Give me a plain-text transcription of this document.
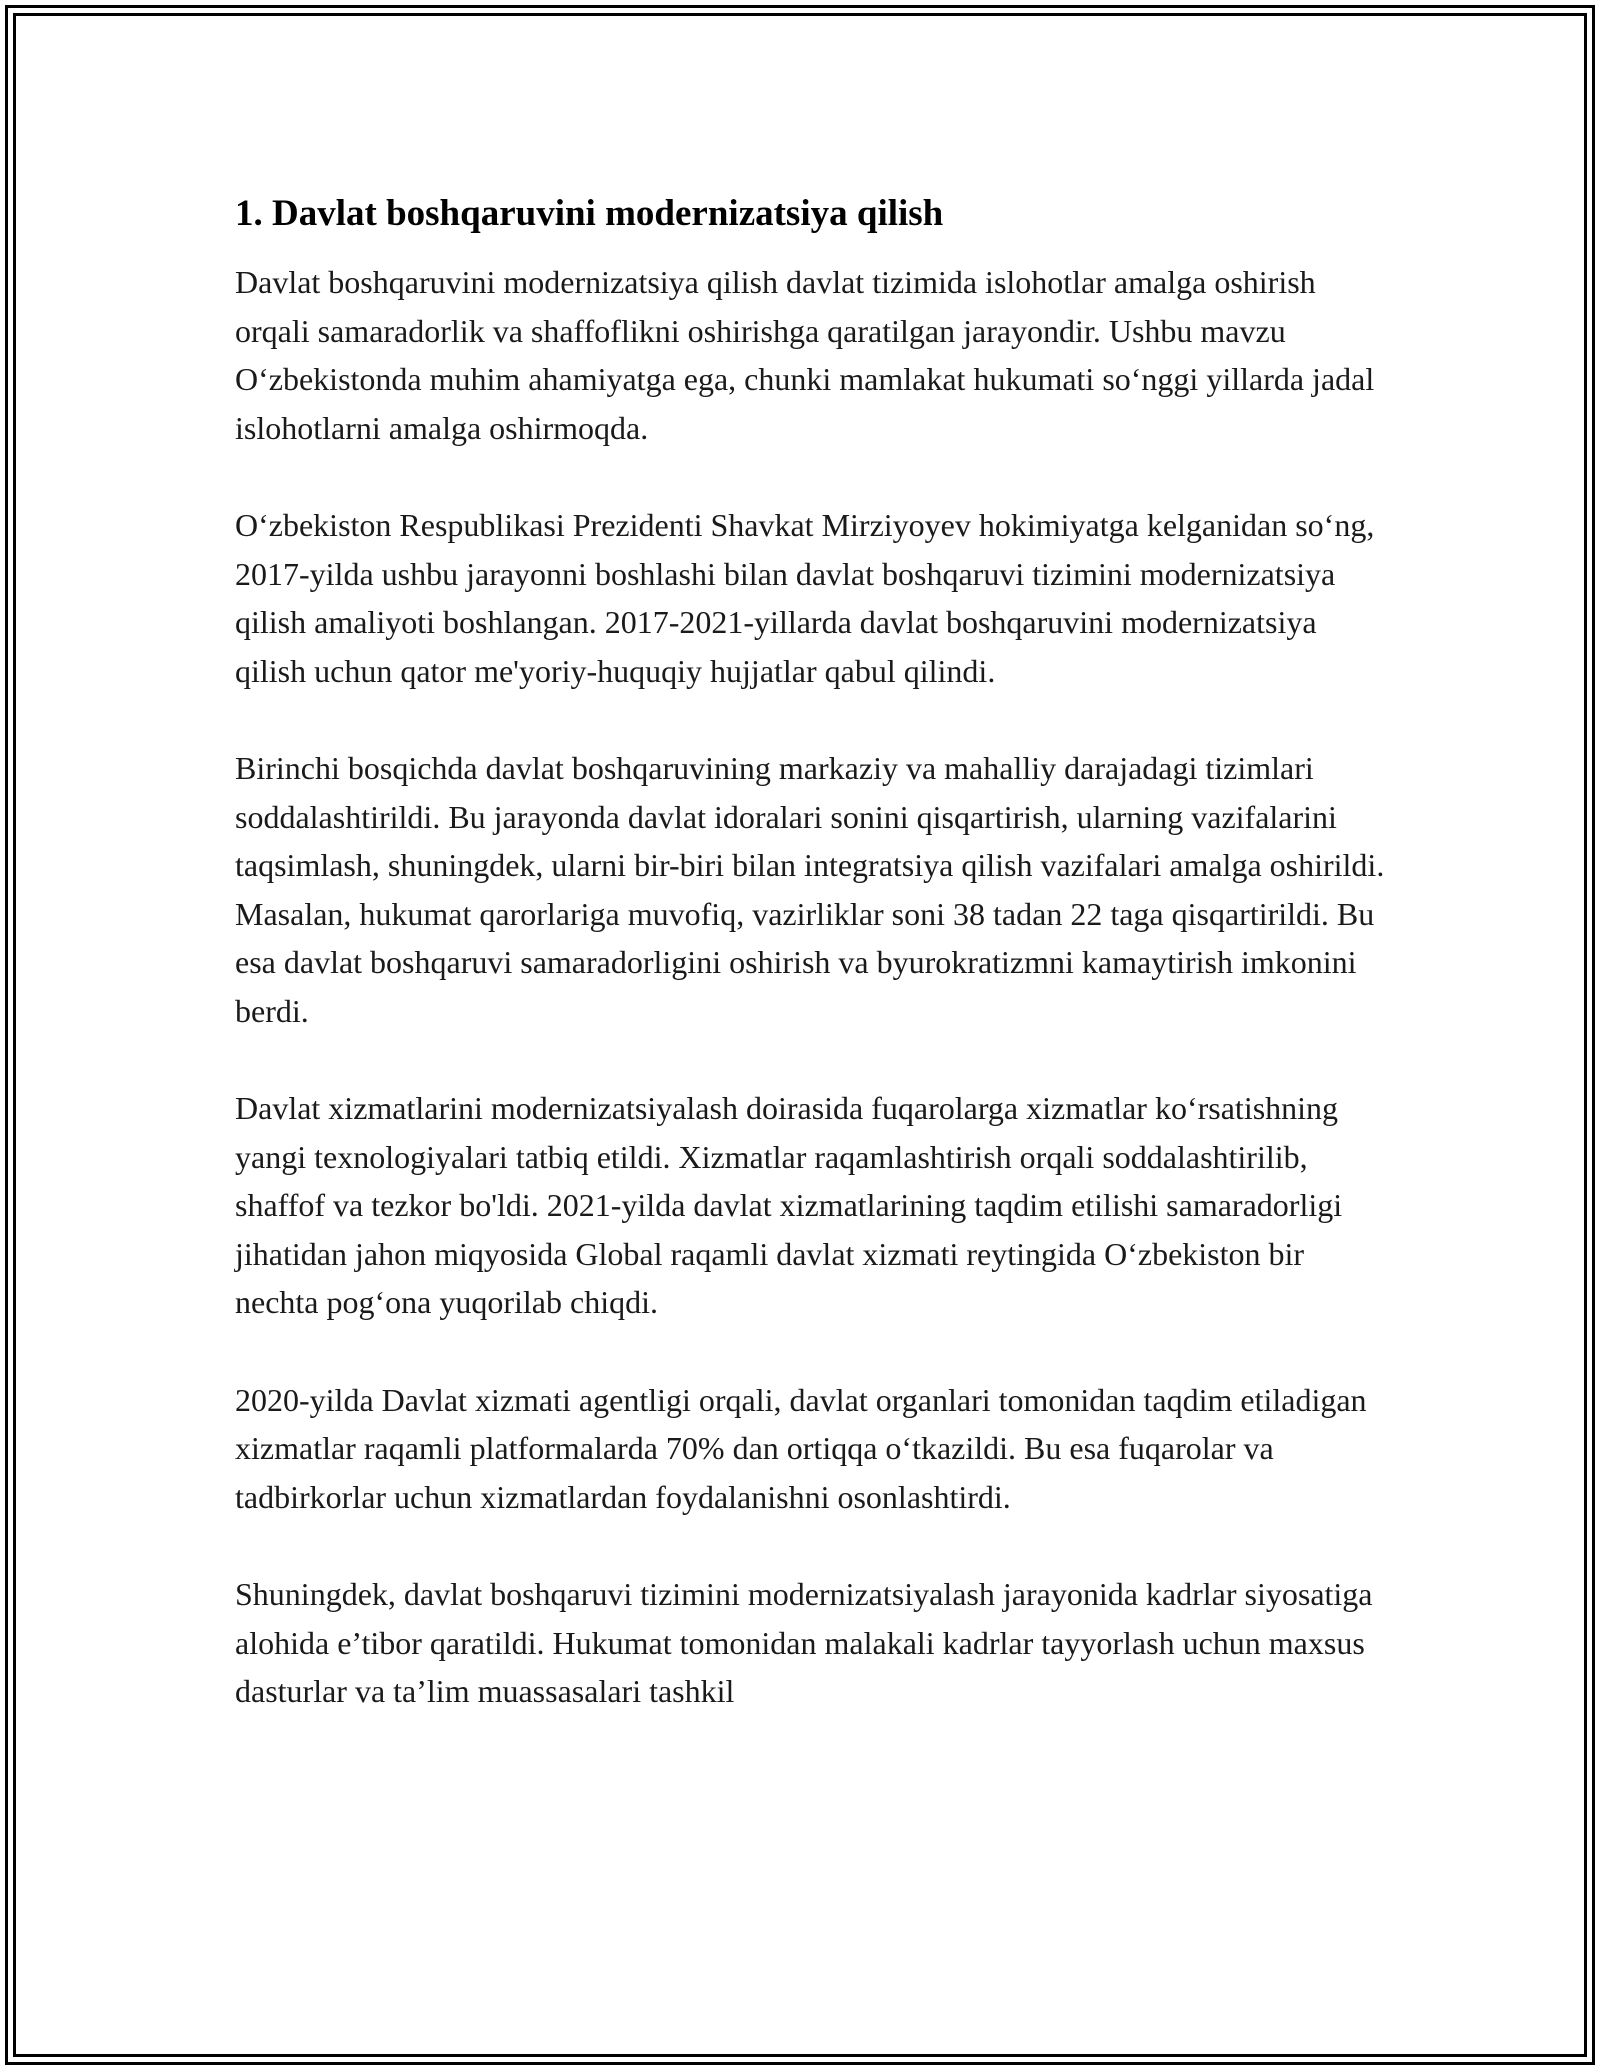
1. Davlat boshqaruvini modernizatsiya qilish

Davlat boshqaruvini modernizatsiya qilish davlat tizimida islohotlar amalga oshirish orqali samaradorlik va shaffoflikni oshirishga qaratilgan jarayondir. Ushbu mavzu O‘zbekistonda muhim ahamiyatga ega, chunki mamlakat hukumati so‘nggi yillarda jadal islohotlarni amalga oshirmoqda.

O‘zbekiston Respublikasi Prezidenti Shavkat Mirziyoyev hokimiyatga kelganidan so‘ng, 2017-yilda ushbu jarayonni boshlashi bilan davlat boshqaruvi tizimini modernizatsiya qilish amaliyoti boshlangan. 2017-2021-yillarda davlat boshqaruvini modernizatsiya qilish uchun qator me'yoriy-huquqiy hujjatlar qabul qilindi.

Birinchi bosqichda davlat boshqaruvining markaziy va mahalliy darajadagi tizimlari soddalashtirildi. Bu jarayonda davlat idoralari sonini qisqartirish, ularning vazifalarini taqsimlash, shuningdek, ularni bir-biri bilan integratsiya qilish vazifalari amalga oshirildi. Masalan, hukumat qarorlariga muvofiq, vazirliklar soni 38 tadan 22 taga qisqartirildi. Bu esa davlat boshqaruvi samaradorligini oshirish va byurokratizmni kamaytirish imkonini berdi.

Davlat xizmatlarini modernizatsiyalash doirasida fuqarolarga xizmatlar ko‘rsatishning yangi texnologiyalari tatbiq etildi. Xizmatlar raqamlashtirish orqali soddalashtirilib, shaffof va tezkor bo'ldi. 2021-yilda davlat xizmatlarining taqdim etilishi samaradorligi jihatidan jahon miqyosida Global raqamli davlat xizmati reytingida O‘zbekiston bir nechta pog‘ona yuqorilab chiqdi.

2020-yilda Davlat xizmati agentligi orqali, davlat organlari tomonidan taqdim etiladigan xizmatlar raqamli platformalarda 70% dan ortiqqa o‘tkazildi. Bu esa fuqarolar va tadbirkorlar uchun xizmatlardan foydalanishni osonlashtirdi.

Shuningdek, davlat boshqaruvi tizimini modernizatsiyalash jarayonida kadrlar siyosatiga alohida e’tibor qaratildi. Hukumat tomonidan malakali kadrlar tayyorlash uchun maxsus dasturlar va ta’lim muassasalari tashkil
